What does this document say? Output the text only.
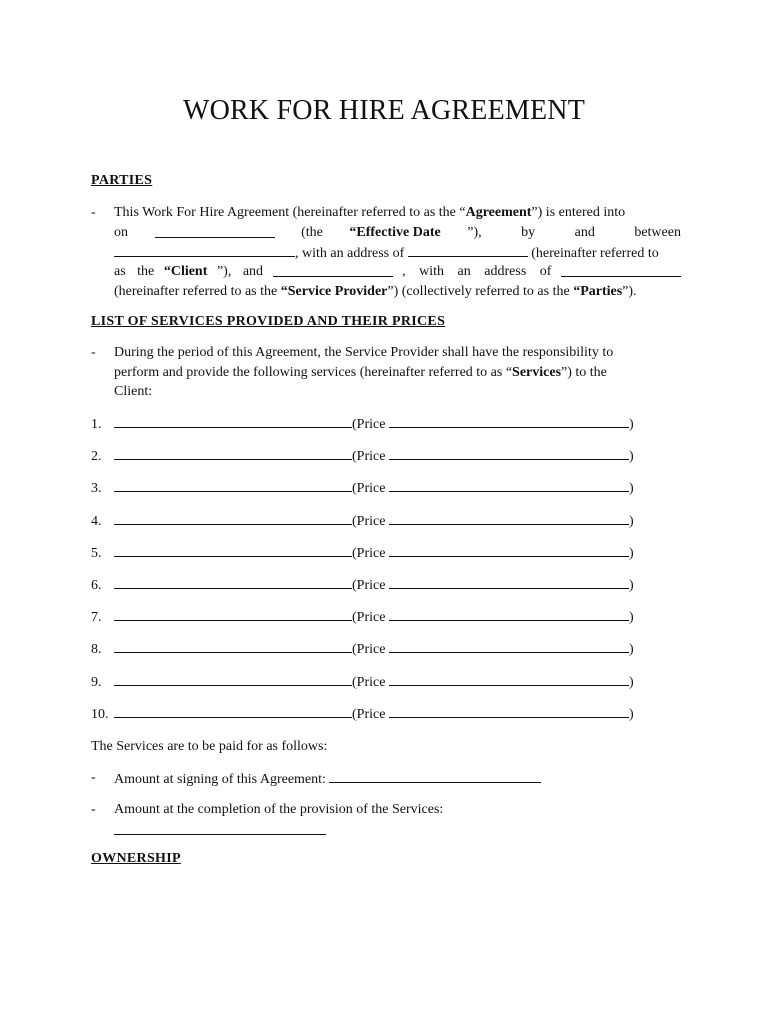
WORK FOR HIRE AGREEMENT
PARTIES
- This Work For Hire Agreement (hereinafter referred to as the “Agreement”) is entered into
on	(the “Effective Date ”), by and between
, with an address of	(hereinafter referred to
as the “Client ”), and	, with an address of
(hereinafter referred to as the “Service Provider”) (collectively referred to as the “Parties”).
LIST OF SERVICES PROVIDED AND THEIR PRICES
- During the period of this Agreement, the Service Provider shall have the responsibility to
perform and provide the following services (hereinafter referred to as “Services”) to the
Client:
1.	(Price	)
2.	(Price	)
3.	(Price	)
4.	(Price	)
5.	(Price	)
6.	(Price	)
7.	(Price	)
8.	(Price	)
9.	(Price	)
10.	(Price	)
The Services are to be paid for as follows:
- Amount at signing of this Agreement:
- Amount at the completion of the provision of the Services:
OWNERSHIP
